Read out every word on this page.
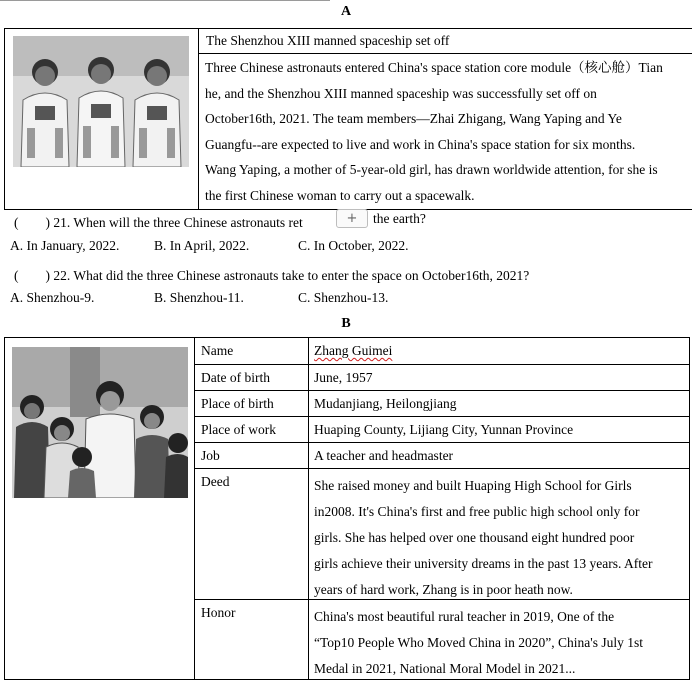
A
The Shenzhou XIII manned spaceship set off
Three Chinese astronauts entered China's space station core module（核心舱）Tian
he, and the Shenzhou XIII manned spaceship was successfully set off on
October16th, 2021. The team members—Zhai Zhigang, Wang Yaping and Ye
Guangfu--are expected to live and work in China's space station for six months.
Wang Yaping, a mother of 5-year-old girl, has drawn worldwide attention, for she is
the first Chinese woman to carry out a spacewalk.
(　　) 21. When will the three Chinese astronauts ret	+	the earth?
A. In January, 2022.	B. In April, 2022.	C. In October, 2022.
(　　) 22. What did the three Chinese astronauts take to enter the space on October16th, 2021?
A. Shenzhou-9.	B. Shenzhou-11.	C. Shenzhou-13.
B
Name	Zhang Guimei
Date of birth	June, 1957
Place of birth	Mudanjiang, Heilongjiang
Place of work	Huaping County, Lijiang City, Yunnan Province
Job	A teacher and headmaster
Deed	She raised money and built Huaping High School for Girls
in2008. It's China's first and free public high school only for
girls. She has helped over one thousand eight hundred poor
girls achieve their university dreams in the past 13 years. After
years of hard work, Zhang is in poor heath now.
Honor	China's most beautiful rural teacher in 2019, One of the
“Top10 People Who Moved China in 2020”, China's July 1st
Medal in 2021, National Moral Model in 2021...
